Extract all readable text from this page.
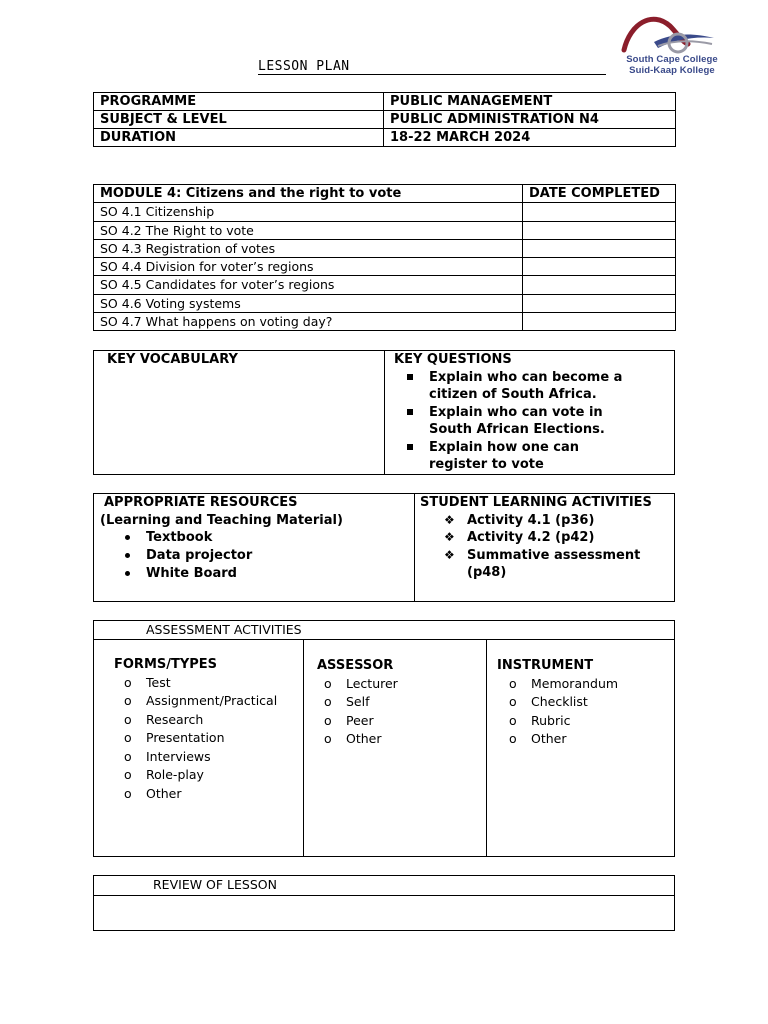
LESSON PLAN	South Cape College
Suid-Kaap Kollege
PROGRAMME	PUBLIC MANAGEMENT
SUBJECT & LEVEL	PUBLIC ADMINISTRATION N4
DURATION	18-22 MARCH 2024
MODULE 4: Citizens and the right to vote	DATE COMPLETED
SO 4.1 Citizenship	
SO 4.2 The Right to vote	
SO 4.3 Registration of votes	
SO 4.4 Division for voter’s regions	
SO 4.5 Candidates for voter’s regions	
SO 4.6 Voting systems	
SO 4.7 What happens on voting day?	
KEY VOCABULARY	KEY QUESTIONS
Explain who can become a citizen of South Africa.
Explain who can vote in South African Elections.
Explain how one can register to vote
APPROPRIATE RESOURCES
(Learning and Teaching Material)
Textbook
Data projector
White Board
STUDENT LEARNING ACTIVITIES
❖ Activity 4.1 (p36)
❖ Activity 4.2 (p42)
❖ Summative assessment (p48)
ASSESSMENT ACTIVITIES
FORMS/TYPES
o Test
o Assignment/Practical
o Research
o Presentation
o Interviews
o Role-play
o Other
ASSESSOR
o Lecturer
o Self
o Peer
o Other
INSTRUMENT
o Memorandum
o Checklist
o Rubric
o Other
REVIEW OF LESSON
